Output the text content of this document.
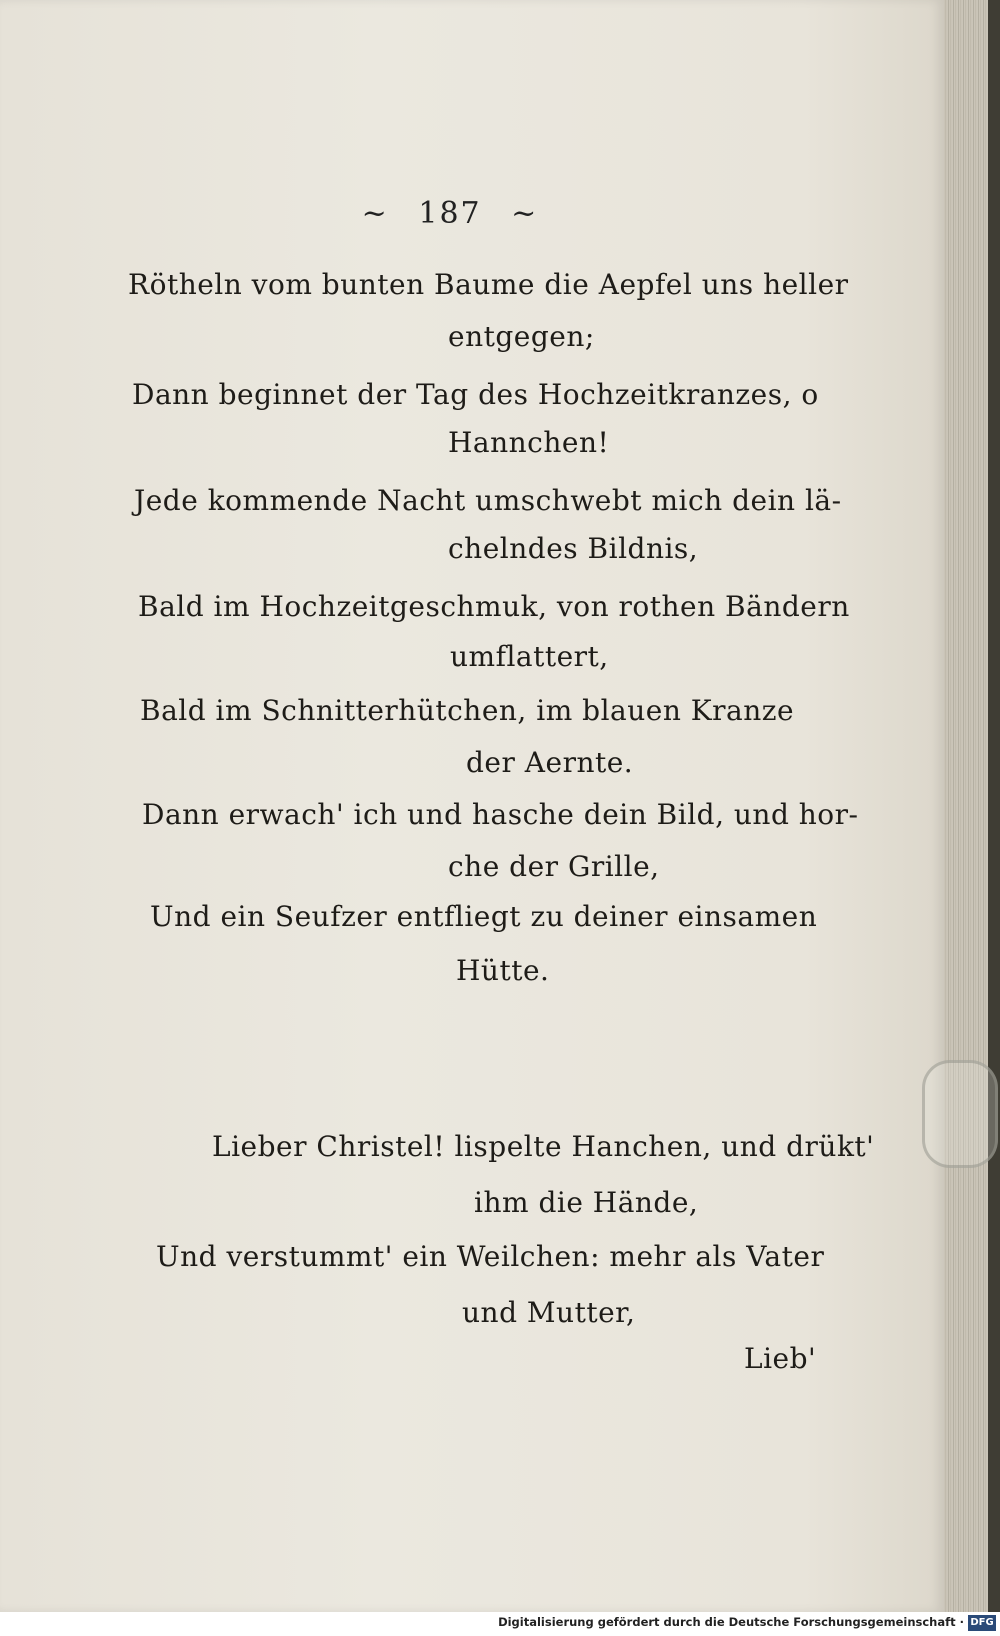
~ 187 ~
Rötheln vom bunten Baume die Aepfel uns heller
entgegen;
Dann beginnet der Tag des Hochzeitkranzes, o
Hannchen!
Jede kommende Nacht umschwebt mich dein lä-
chelndes Bildnis,
Bald im Hochzeitgeschmuk, von rothen Bändern
umflattert,
Bald im Schnitterhütchen, im blauen Kranze
der Aernte.
Dann erwach' ich und hasche dein Bild, und hor-
che der Grille,
Und ein Seufzer entfliegt zu deiner einsamen
Hütte.
Lieber Christel! lispelte Hanchen, und drükt'
ihm die Hände,
Und verstummt' ein Weilchen: mehr als Vater
und Mutter,
Lieb'
Digitalisierung gefördert durch die Deutsche Forschungsgemeinschaft · DFG
